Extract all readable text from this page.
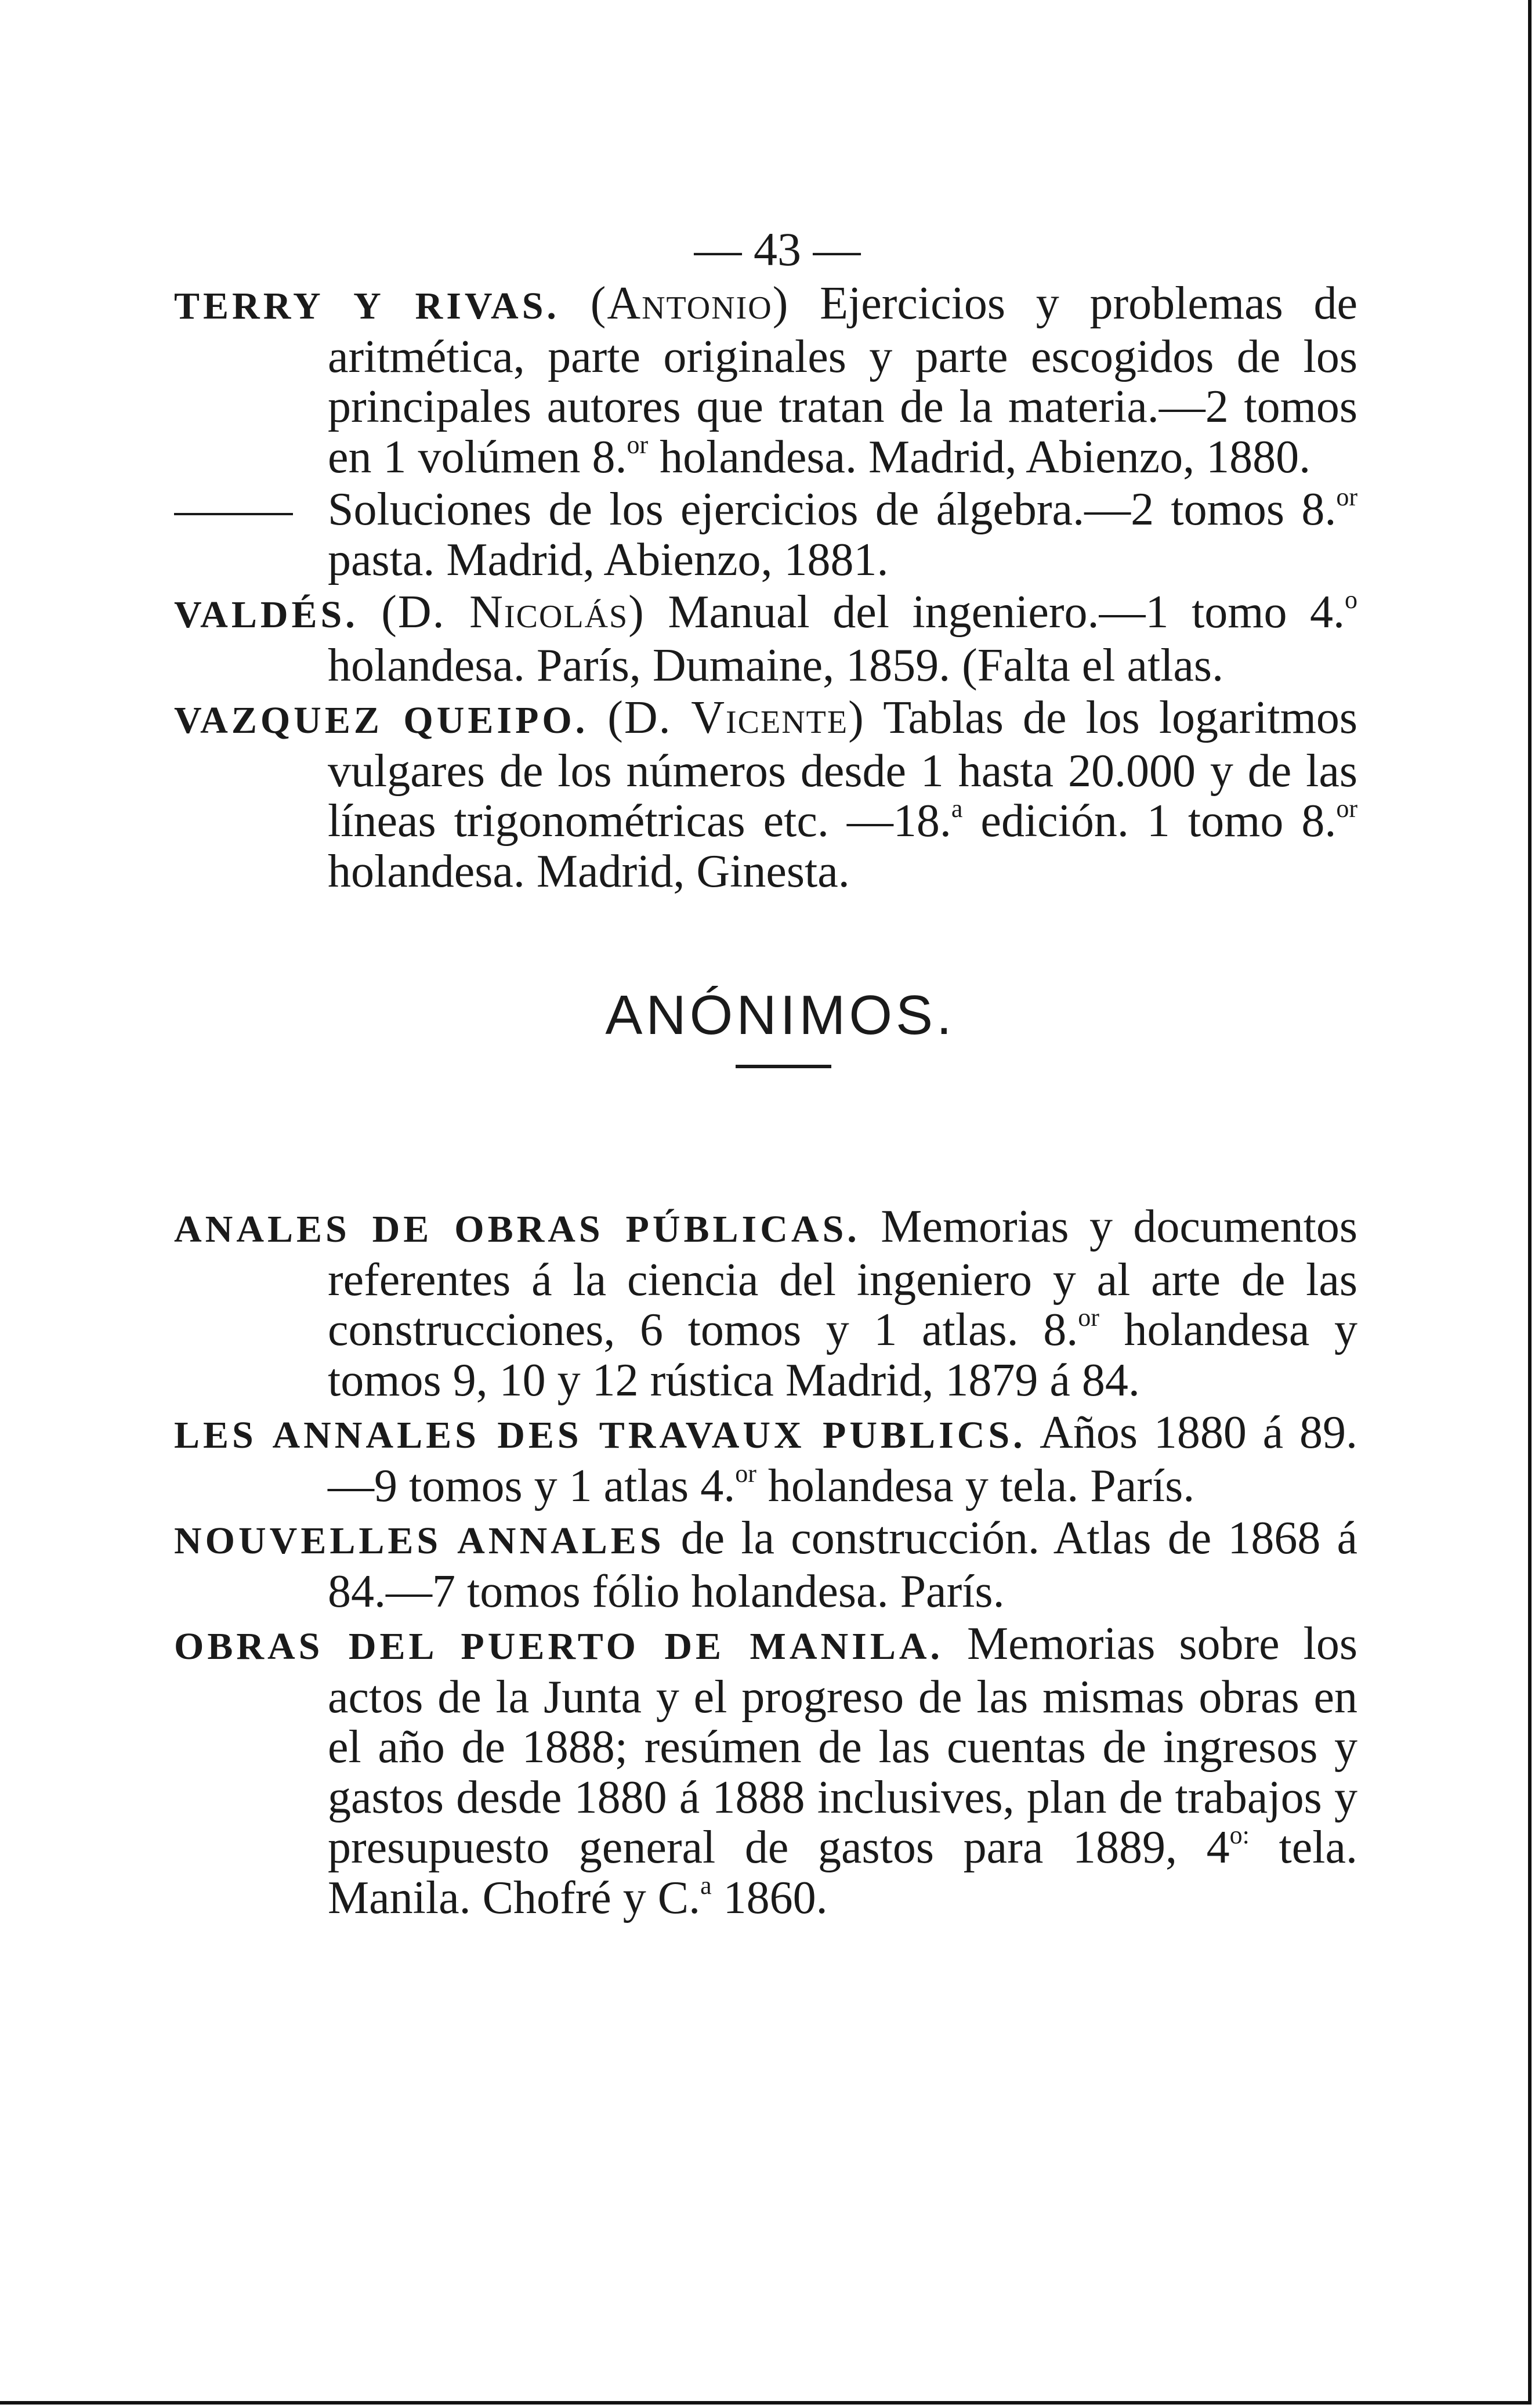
— 43 —

TERRY Y RIVAS. (Antonio) Ejercicios y problemas de aritmética, parte originales y parte escogidos de los principales autores que tratan de la materia.—2 tomos en 1 volúmen 8.$^{or}$ holandesa. Madrid, Abienzo, 1880.

Soluciones de los ejercicios de álgebra.—2 tomos 8.$^{or}$ pasta. Madrid, Abienzo, 1881.

VALDÉS. (D. Nicolás) Manual del ingeniero.—1 tomo 4.$^o$ holandesa. París, Dumaine, 1859. (Falta el atlas.

VAZQUEZ QUEIPO. (D. Vicente) Tablas de los logaritmos vulgares de los números desde 1 hasta 20.000 y de las líneas trigonométricas etc. —18.$^a$ edición. 1 tomo 8.$^{or}$ holandesa. Madrid, Ginesta.

ANÓNIMOS.

ANALES DE OBRAS PÚBLICAS. Memorias y documentos referentes á la ciencia del ingeniero y al arte de las construcciones, 6 tomos y 1 atlas. 8.$^{or}$ holandesa y tomos 9, 10 y 12 rústica Madrid, 1879 á 84.

LES ANNALES DES TRAVAUX PUBLICS. Años 1880 á 89.—9 tomos y 1 atlas 4.$^{or}$ holandesa y tela. París.

NOUVELLES ANNALES de la construcción. Atlas de 1868 á 84.—7 tomos fólio holandesa. París.

OBRAS DEL PUERTO DE MANILA. Memorias sobre los actos de la Junta y el progreso de las mismas obras en el año de 1888; resúmen de las cuentas de ingresos y gastos desde 1880 á 1888 inclusives, plan de trabajos y presupuesto general de gastos para 1889, $4^{o:}$ tela. Manila. Chofré y C.$^a$ 1860.
